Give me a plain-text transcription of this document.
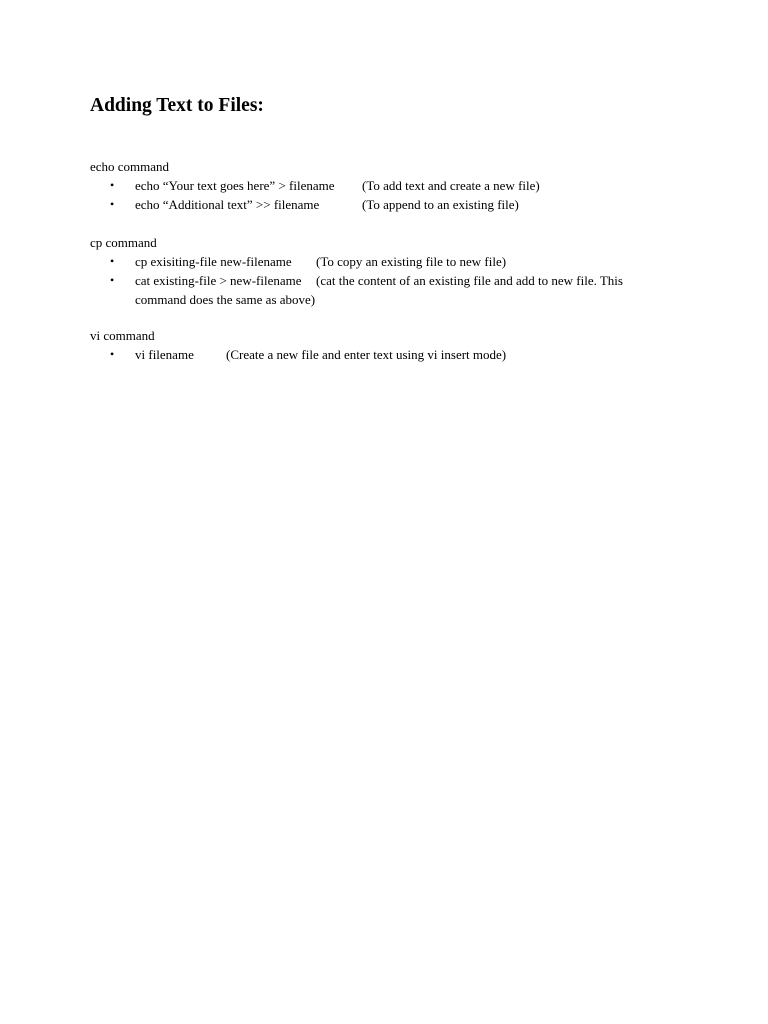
Adding Text to Files:
echo command
• echo “Your text goes here” > filename	(To add text and create a new file)
• echo “Additional text” >> filename	(To append to an existing file)
cp command
• cp exisiting-file new-filename	(To copy an existing file to new file)
• cat existing-file > new-filename	(cat the content of an existing file and add to new file. This
command does the same as above)
vi command
• vi filename	(Create a new file and enter text using vi insert mode)
